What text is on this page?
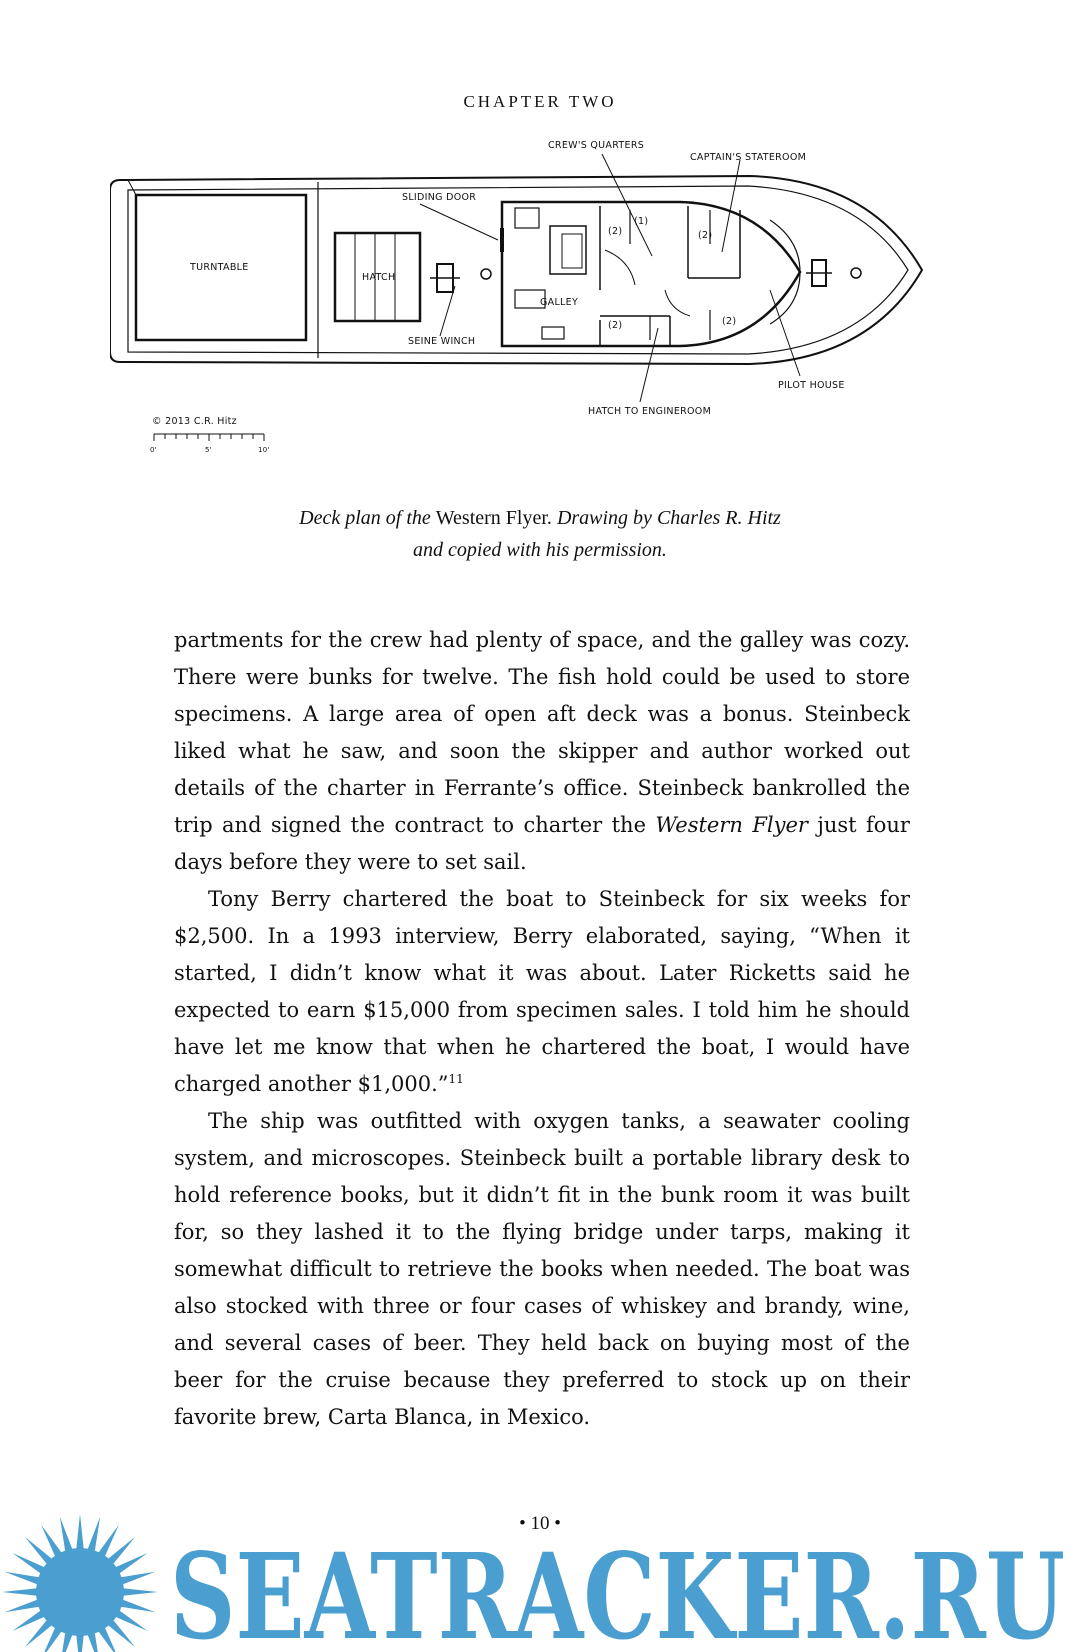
CHAPTER TWO
TURNTABLE
HATCH
SEINE WINCH
SLIDING DOOR
GALLEY
CREW'S QUARTERS
CAPTAIN'S STATEROOM
PILOT HOUSE
HATCH TO ENGINEROOM
(2)
(1)
(2)
(2)	(2)
© 2013 C.R. Hitz
0'	5'	10'
Deck plan of the Western Flyer. Drawing by Charles R. Hitz
and copied with his permission.

partments for the crew had plenty of space, and the galley was cozy. There were bunks for twelve. The fish hold could be used to store specimens. A large area of open aft deck was a bonus. Steinbeck liked what he saw, and soon the skipper and author worked out details of the charter in Ferrante’s office. Steinbeck bankrolled the trip and signed the contract to charter the Western Flyer just four days before they were to set sail.

Tony Berry chartered the boat to Steinbeck for six weeks for $2,500. In a 1993 interview, Berry elaborated, saying, “When it started, I didn’t know what it was about. Later Ricketts said he expected to earn $15,000 from specimen sales. I told him he should have let me know that when he chartered the boat, I would have charged another $1,000.”$^{11}$

The ship was outfitted with oxygen tanks, a seawater cooling system, and microscopes. Steinbeck built a portable library desk to hold reference books, but it didn’t fit in the bunk room it was built for, so they lashed it to the flying bridge under tarps, making it somewhat difficult to retrieve the books when needed. The boat was also stocked with three or four cases of whiskey and brandy, wine, and several cases of beer. They held back on buying most of the beer for the cruise because they preferred to stock up on their favorite brew, Carta Blanca, in Mexico.

• 10 •
SEATRACKER.RU
